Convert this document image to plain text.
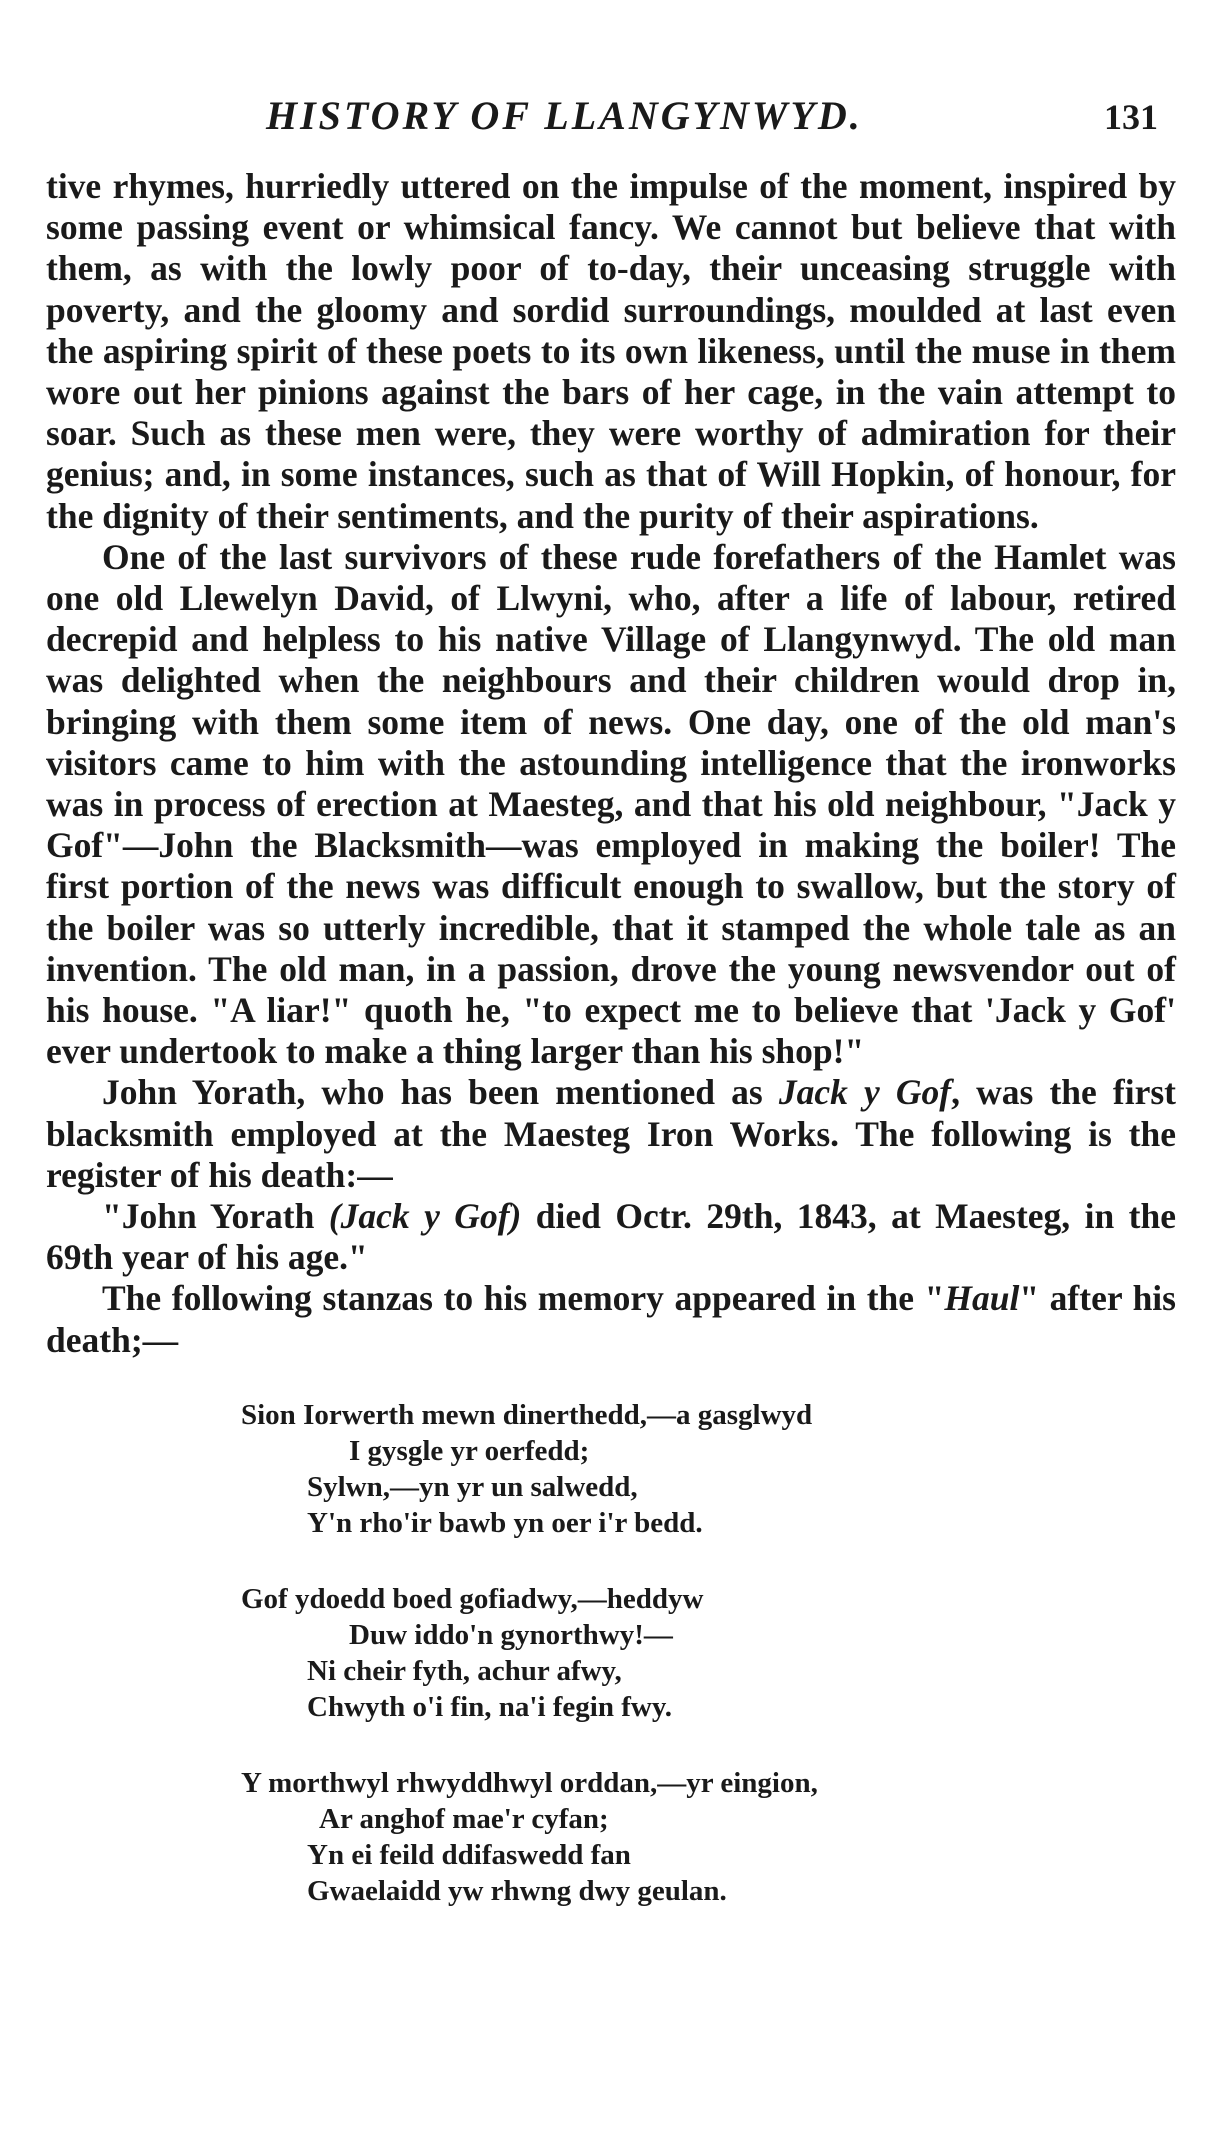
HISTORY OF LLANGYNWYD.	131

tive rhymes, hurriedly uttered on the impulse of the moment, inspired by some passing event or whimsical fancy. We cannot but believe that with them, as with the lowly poor of to-day, their unceasing struggle with poverty, and the gloomy and sordid surroundings, moulded at last even the aspiring spirit of these poets to its own likeness, until the muse in them wore out her pinions against the bars of her cage, in the vain attempt to soar. Such as these men were, they were worthy of admiration for their genius; and, in some instances, such as that of Will Hopkin, of honour, for the dignity of their sentiments, and the purity of their aspirations.

One of the last survivors of these rude forefathers of the Hamlet was one old Llewelyn David, of Llwyni, who, after a life of labour, retired decrepid and helpless to his native Village of Llangynwyd. The old man was delighted when the neighbours and their children would drop in, bringing with them some item of news. One day, one of the old man's visitors came to him with the astounding intelligence that the ironworks was in process of erection at Maesteg, and that his old neighbour, "Jack y Gof"—John the Blacksmith—was employed in making the boiler! The first portion of the news was difficult enough to swallow, but the story of the boiler was so utterly incredible, that it stamped the whole tale as an invention. The old man, in a passion, drove the young newsvendor out of his house. "A liar!" quoth he, "to expect me to believe that 'Jack y Gof' ever undertook to make a thing larger than his shop!"

John Yorath, who has been mentioned as Jack y Gof, was the first blacksmith employed at the Maesteg Iron Works. The following is the register of his death:—

"John Yorath (Jack y Gof) died Octr. 29th, 1843, at Maesteg, in the 69th year of his age."

The following stanzas to his memory appeared in the "Haul" after his death;—

Sion Iorwerth mewn dinerthedd,—a gasglwyd
I gysgle yr oerfedd;
Sylwn,—yn yr un salwedd,
Y'n rho'ir bawb yn oer i'r bedd.
Gof ydoedd boed gofiadwy,—heddyw
Duw iddo'n gynorthwy!—
Ni cheir fyth, achur afwy,
Chwyth o'i fin, na'i fegin fwy.
Y morthwyl rhwyddhwyl orddan,—yr eingion,
Ar anghof mae'r cyfan;
Yn ei feild ddifaswedd fan
Gwaelaidd yw rhwng dwy geulan.
